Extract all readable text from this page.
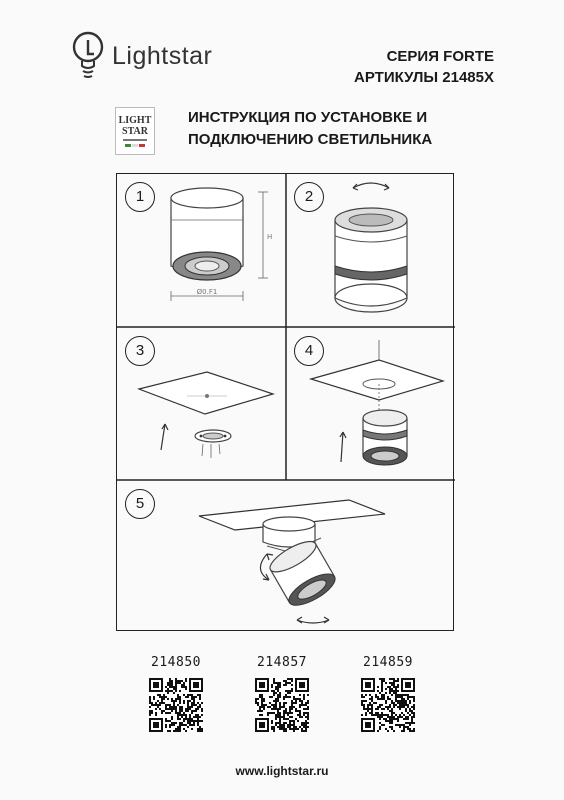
Lightstar	СЕРИЯ FORTE
АРТИКУЛЫ 21485X
LIGHT
STAR
ИНСТРУКЦИЯ ПО УСТАНОВКЕ И
ПОДКЛЮЧЕНИЮ СВЕТИЛЬНИКА
Ø0.F1
H
1	2
3	4
5
214850	214857	214859
www.lightstar.ru
